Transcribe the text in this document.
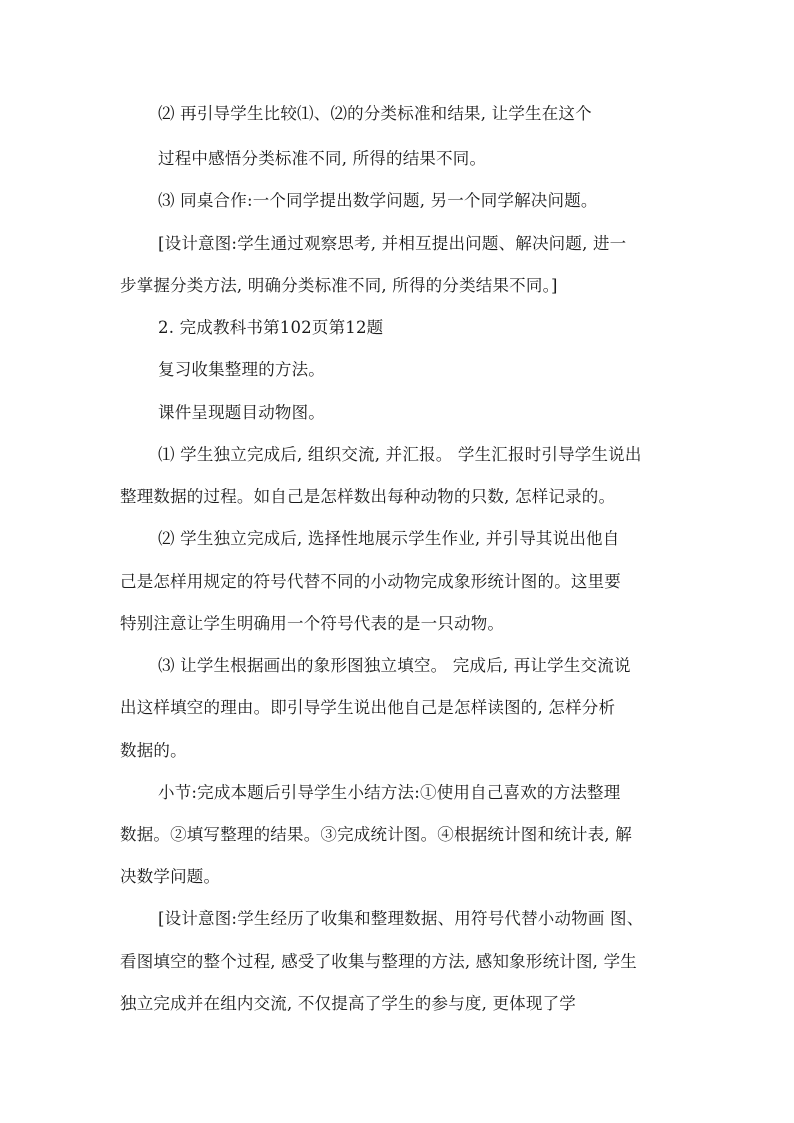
⑵ 再引导学生比较⑴、⑵的分类标准和结果, 让学生在这个
过程中感悟分类标准不同, 所得的结果不同。
⑶ 同桌合作:一个同学提出数学问题, 另一个同学解决问题。
[设计意图:学生通过观察思考, 并相互提出问题、解决问题, 进一
步掌握分类方法, 明确分类标准不同, 所得的分类结果不同。]
2. 完成教科书第102页第12题
复习收集整理的方法。
课件呈现题目动物图。
⑴ 学生独立完成后, 组织交流, 并汇报。 学生汇报时引导学生说出
整理数据的过程。如自己是怎样数出每种动物的只数, 怎样记录的。
⑵ 学生独立完成后, 选择性地展示学生作业, 并引导其说出他自
己是怎样用规定的符号代替不同的小动物完成象形统计图的。这里要
特别注意让学生明确用一个符号代表的是一只动物。
⑶ 让学生根据画出的象形图独立填空。 完成后, 再让学生交流说
出这样填空的理由。即引导学生说出他自己是怎样读图的, 怎样分析
数据的。
小节:完成本题后引导学生小结方法:①使用自己喜欢的方法整理
数据。②填写整理的结果。③完成统计图。④根据统计图和统计表, 解
决数学问题。
[设计意图:学生经历了收集和整理数据、用符号代替小动物画 图、
看图填空的整个过程, 感受了收集与整理的方法, 感知象形统计图, 学生
独立完成并在组内交流, 不仅提高了学生的参与度, 更体现了学
